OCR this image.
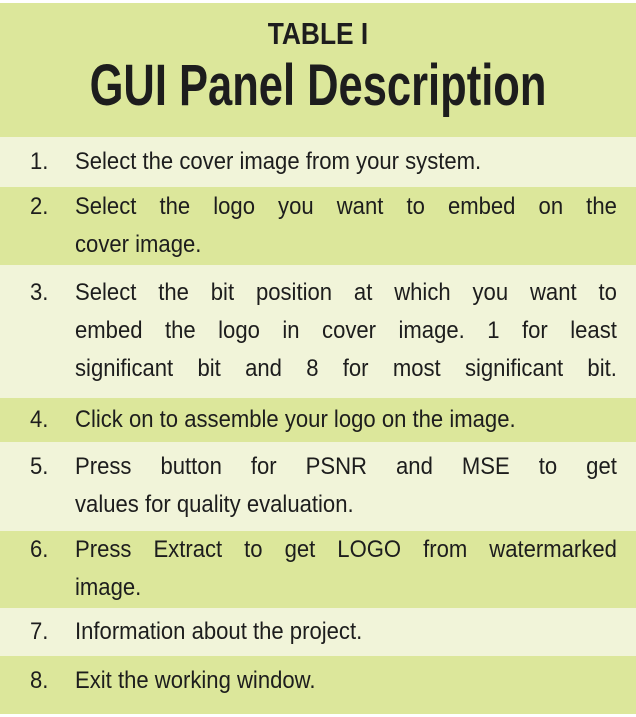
TABLE I
GUI Panel Description
1. Select the cover image from your system.
2. Select the logo you want to embed on the
cover image.
3. Select the bit position at which you want to
embed the logo in cover image. 1 for least
significant bit and 8 for most significant bit.
4. Click on to assemble your logo on the image.
5. Press button for PSNR and MSE to get
values for quality evaluation.
6. Press Extract to get LOGO from watermarked
image.
7. Information about the project.
8. Exit the working window.
